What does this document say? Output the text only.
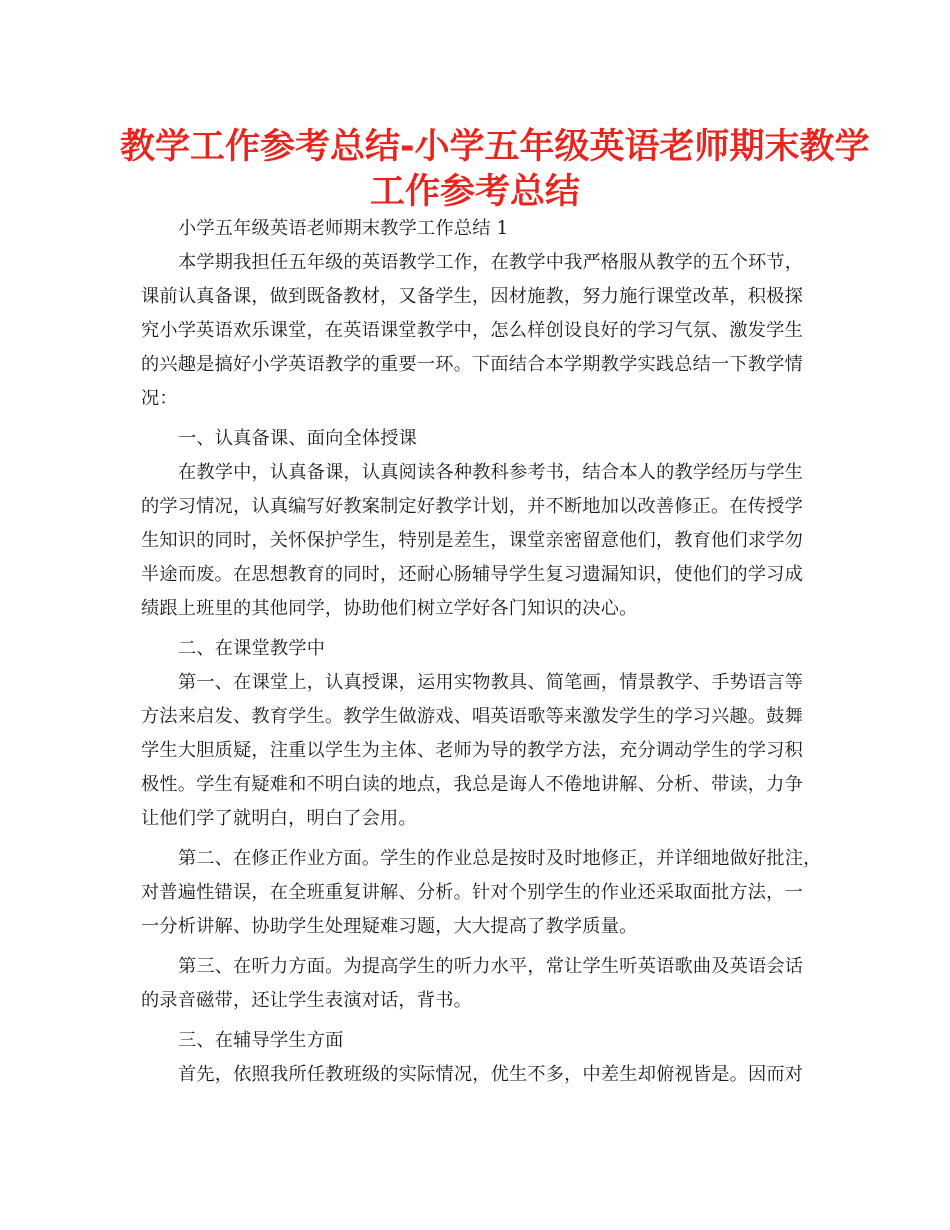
教学工作参考总结-小学五年级英语老师期末教学
工作参考总结
小学五年级英语老师期末教学工作总结 1
本学期我担任五年级的英语教学工作，在教学中我严格服从教学的五个环节，
课前认真备课，做到既备教材，又备学生，因材施教，努力施行课堂改革，积极探
究小学英语欢乐课堂，在英语课堂教学中，怎么样创设良好的学习气氛、激发学生
的兴趣是搞好小学英语教学的重要一环。下面结合本学期教学实践总结一下教学情
况：
一、认真备课、面向全体授课
在教学中，认真备课，认真阅读各种教科参考书，结合本人的教学经历与学生
的学习情况，认真编写好教案制定好教学计划，并不断地加以改善修正。在传授学
生知识的同时，关怀保护学生，特别是差生，课堂亲密留意他们，教育他们求学勿
半途而废。在思想教育的同时，还耐心肠辅导学生复习遗漏知识，使他们的学习成
绩跟上班里的其他同学，协助他们树立学好各门知识的决心。
二、在课堂教学中
第一、在课堂上，认真授课，运用实物教具、简笔画，情景教学、手势语言等
方法来启发、教育学生。教学生做游戏、唱英语歌等来激发学生的学习兴趣。鼓舞
学生大胆质疑，注重以学生为主体、老师为导的教学方法，充分调动学生的学习积
极性。学生有疑难和不明白读的地点，我总是诲人不倦地讲解、分析、带读，力争
让他们学了就明白，明白了会用。
第二、在修正作业方面。学生的作业总是按时及时地修正，并详细地做好批注，
对普遍性错误，在全班重复讲解、分析。针对个别学生的作业还采取面批方法，一
一分析讲解、协助学生处理疑难习题，大大提高了教学质量。
第三、在听力方面。为提高学生的听力水平，常让学生听英语歌曲及英语会话
的录音磁带，还让学生表演对话，背书。
三、在辅导学生方面
首先，依照我所任教班级的实际情况，优生不多，中差生却俯视皆是。因而对
